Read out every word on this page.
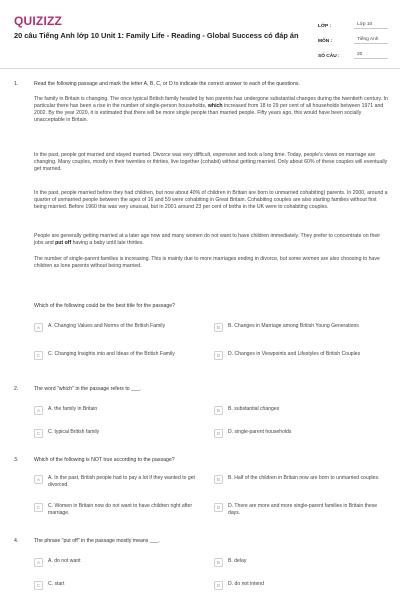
QUIZIZZ
20 câu Tiếng Anh lớp 10 Unit 1: Family Life - Reading - Global Success có đáp án
LỚP :	Lớp 10
MÔN :	Tiếng Anh
SỐ CÂU :	20
1.	Read the following passage and mark the letter A, B, C, or D to indicate the correct answer to each of the questions.

The family in Britain is changing. The once typical British family headed by two parents has undergone substantial changes during the twentieth century. In particular there has been a rise in the number of single-person households, which increased from 18 to 29 per cent of all households between 1971 and 2002. By the year 2020, it is estimated that there will be more single people than married people. Fifty years ago, this would have been socially unacceptable in Britain.

In the past, people got married and stayed married. Divorce was very difficult, expensive and took a long time. Today, people's views on marriage are changing. Many couples, mostly in their twenties or thirties, live together (cohabit) without getting married. Only about 60% of these couples will eventually get married.

In the past, people married before they had children, but now about 40% of children in Britain are born to unmarried cohabiting) parents. In 2000, around a quarter of unmarried people between the ages of 16 and 59 were cohabiting in Great Britain. Cohabiting couples are also starting families without first being married. Before 1960 this was very unusual, but in 2001 around 23 per cent of births in the UK were to cohabiting couples.

People are generally getting married at a later age now and many women do not want to have children immediately. They prefer to concentrate on their jobs and put off having a baby until late thirties.

The number of single-parent families is increasing. This is mainly due to more marriages ending in divorce, but some women are also choosing to have children as lone parents without being married.

Which of the following could be the best title for the passage?
A	A. Changing Values and Norms of the British Family	B	B. Changes in Marriage among British Young Generations
C	C. Changing Insights into and Ideas of the British Family	D	D. Changes in Viewpoints and Lifestyles of British Couples
2.	The word "which" in the passage refers to ___.
A	A. the family in Britain	B	B. substantial changes
C	C. typical British family	D	D. single-parent households
3.	Which of the following is NOT true according to the passage?
A	A. In the past, British people had to pay a lot if they wanted to get divorced.
B	B. Half of the children in Britain now are born to unmarried couples.
C	C. Women in Britain now do not want to have children right after marriage.
D	D. There are more and more single-parent families in Britain these days.
4.	The phrase "put off" in the passage mostly means ___.
A	A. do not want	B	B. delay
C	C. start	D	D. do not intend
